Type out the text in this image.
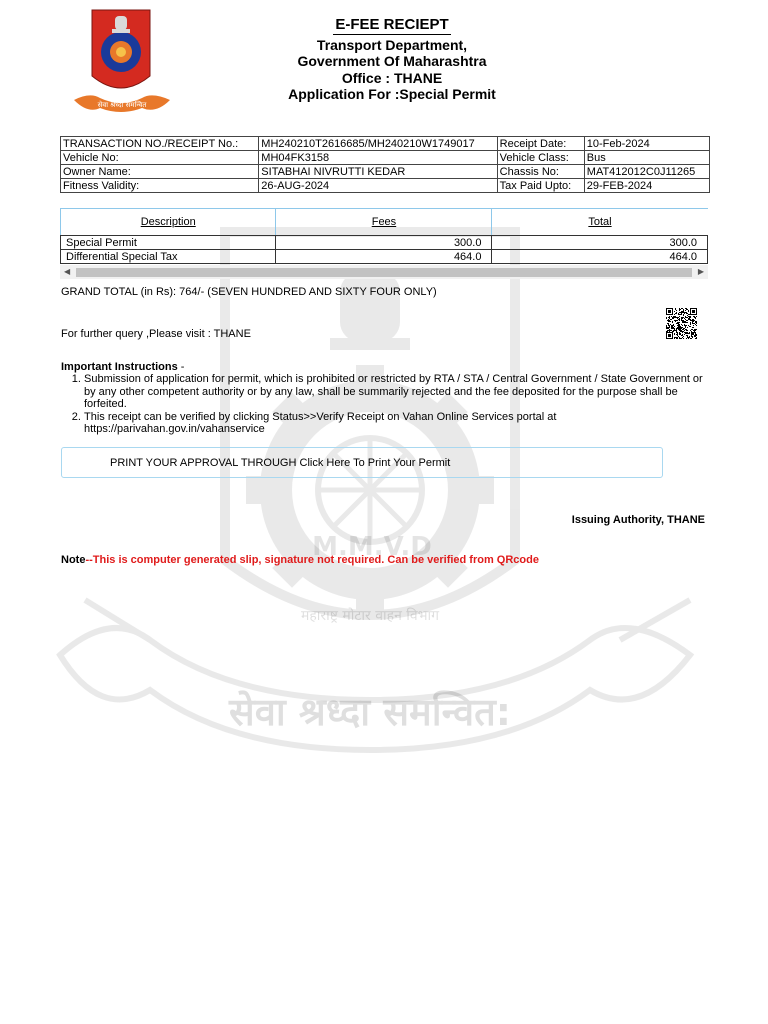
सेवा श्रध्दा समन्वित:
महाराष्ट्र मोटार वाहन विभाग
M.M.V.D
सेवा श्रध्दा समन्वित
E-FEE RECIEPT
Transport Department,
Government Of Maharashtra
Office : THANE
Application For :Special Permit
TRANSACTION NO./RECEIPT No.:	MH240210T2616685/MH240210W1749017	Receipt Date:	10-Feb-2024
Vehicle No:	MH04FK3158	Vehicle Class:	Bus
Owner Name:	SITABHAI NIVRUTTI KEDAR	Chassis No:	MAT412012C0J11265
Fitness Validity:	26-AUG-2024	Tax Paid Upto:	29-FEB-2024
Description	Fees	Total
Special Permit	300.0	300.0
Differential Special Tax	464.0	464.0
◀	▶
GRAND TOTAL (in Rs): 764/- (SEVEN HUNDRED AND SIXTY FOUR ONLY)
For further query ,Please visit : THANE
Important Instructions -
1. Submission of application for permit, which is prohibited or restricted by RTA / STA / Central Government / State Government or by any other competent authority or by any law, shall be summarily rejected and the fee deposited for the purpose shall be forfeited.
2. This receipt can be verified by clicking Status>>Verify Receipt on Vahan Online Services portal at https://parivahan.gov.in/vahanservice
PRINT YOUR APPROVAL THROUGH Click Here To Print Your Permit
Issuing Authority, THANE
Note--This is computer generated slip, signature not required. Can be verified from QRcode
